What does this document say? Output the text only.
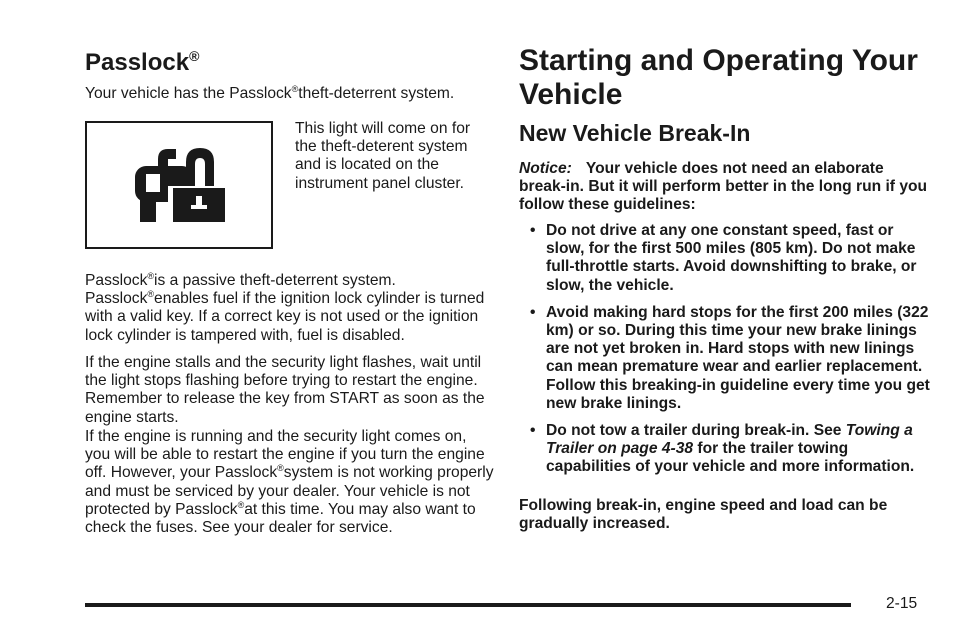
Passlock®

Your vehicle has the Passlock®theft-deterrent system.

This light will come on for the theft-deterent system and is located on the instrument panel cluster.

Passlock®is a passive theft-deterrent system.
Passlock®enables fuel if the ignition lock cylinder is turned with a valid key. If a correct key is not used or the ignition lock cylinder is tampered with, fuel is disabled.

If the engine stalls and the security light flashes, wait until the light stops flashing before trying to restart the engine. Remember to release the key from START as soon as the engine starts.

If the engine is running and the security light comes on, you will be able to restart the engine if you turn the engine off. However, your Passlock®system is not working properly and must be serviced by your dealer. Your vehicle is not protected by Passlock®at this time. You may also want to check the fuses. See your dealer for service.

Starting and Operating Your Vehicle
New Vehicle Break-In

Notice: Your vehicle does not need an elaborate break-in. But it will perform better in the long run if you follow these guidelines:

• Do not drive at any one constant speed, fast or slow, for the first 500 miles (805 km). Do not make full-throttle starts. Avoid downshifting to brake, or slow, the vehicle.
• Avoid making hard stops for the first 200 miles (322 km) or so. During this time your new brake linings are not yet broken in. Hard stops with new linings can mean premature wear and earlier replacement. Follow this breaking-in guideline every time you get new brake linings.
• Do not tow a trailer during break-in. See Towing a Trailer on page 4-38 for the trailer towing capabilities of your vehicle and more information.

Following break-in, engine speed and load can be gradually increased.

2-15
